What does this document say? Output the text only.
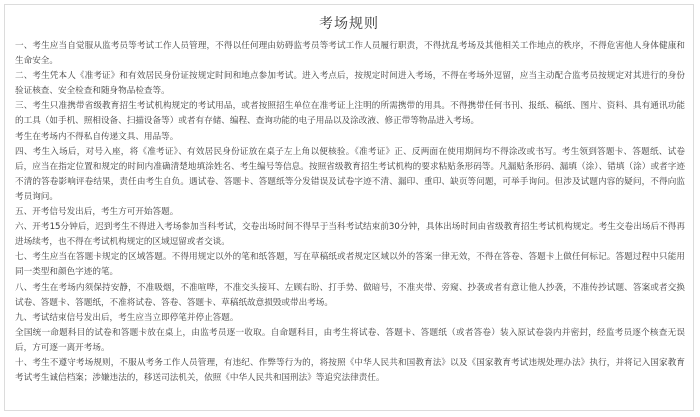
考场规则

一、考生应当自觉服从监考员等考试工作人员管理，不得以任何理由妨碍监考员等考试工作人员履行职责，不得扰乱考场及其他相关工作地点的秩序，不得危害他人身体健康和生命安全。

二、考生凭本人《准考证》和有效居民身份证按规定时间和地点参加考试。进入考点后，按规定时间进入考场，不得在考场外逗留，应当主动配合监考员按规定对其进行的身份验证核查、安全检查和随身物品检查等。

三、考生只准携带省级教育招生考试机构规定的考试用品，或者按照招生单位在准考证上注明的所需携带的用具。不得携带任何书刊、报纸、稿纸、图片、资料、具有通讯功能的工具（如手机、照相设备、扫描设备等）或者有存储、编程、查询功能的电子用品以及涂改液、修正带等物品进入考场。

考生在考场内不得私自传递文具、用品等。

四、考生入场后，对号入座，将《准考证》、有效居民身份证放在桌子左上角以便核验。《准考证》正、反两面在使用期间均不得涂改或书写。考生领到答题卡、答题纸、试卷后，应当在指定位置和规定的时间内准确清楚地填涂姓名、考生编号等信息。按照省级教育招生考试机构的要求粘贴条形码等。凡漏贴条形码、漏填（涂）、错填（涂）或者字迹不清的答卷影响评卷结果，责任由考生自负。遇试卷、答题卡、答题纸等分发错误及试卷字迹不清、漏印、重印、缺页等问题，可举手询问。但涉及试题内容的疑问，不得向监考员询问。

五、开考信号发出后，考生方可开始答题。

六、开考15分钟后，迟到考生不得进入考场参加当科考试，交卷出场时间不得早于当科考试结束前30分钟，具体出场时间由省级教育招生考试机构规定。考生交卷出场后不得再进场续考，也不得在考试机构规定的区域逗留或者交谈。

七、考生应当在答题卡规定的区域答题。不得用规定以外的笔和纸答题，写在草稿纸或者规定区域以外的答案一律无效，不得在答卷、答题卡上做任何标记。答题过程中只能用同一类型和颜色字迹的笔。

八、考生在考场内须保持安静，不准吸烟，不准喧哗，不准交头接耳、左顾右盼、打手势、做暗号，不准夹带、旁窥、抄袭或者有意让他人抄袭，不准传抄试题、答案或者交换试卷、答题卡、答题纸，不准将试卷、答卷、答题卡、草稿纸故意损毁或带出考场。

九、考试结束信号发出后，考生应当立即停笔并停止答题。

全国统一命题科目的试卷和答题卡放在桌上，由监考员逐一收取。自命题科目，由考生将试卷、答题卡、答题纸（或者答卷）装入原试卷袋内并密封，经监考员逐个核查无误后，方可逐一离开考场。

十、考生不遵守考场规则，不服从考务工作人员管理，有违纪、作弊等行为的，将按照《中华人民共和国教育法》以及《国家教育考试违规处理办法》执行，并将记入国家教育考试考生诚信档案；涉嫌违法的，移送司法机关，依照《中华人民共和国刑法》等追究法律责任。
